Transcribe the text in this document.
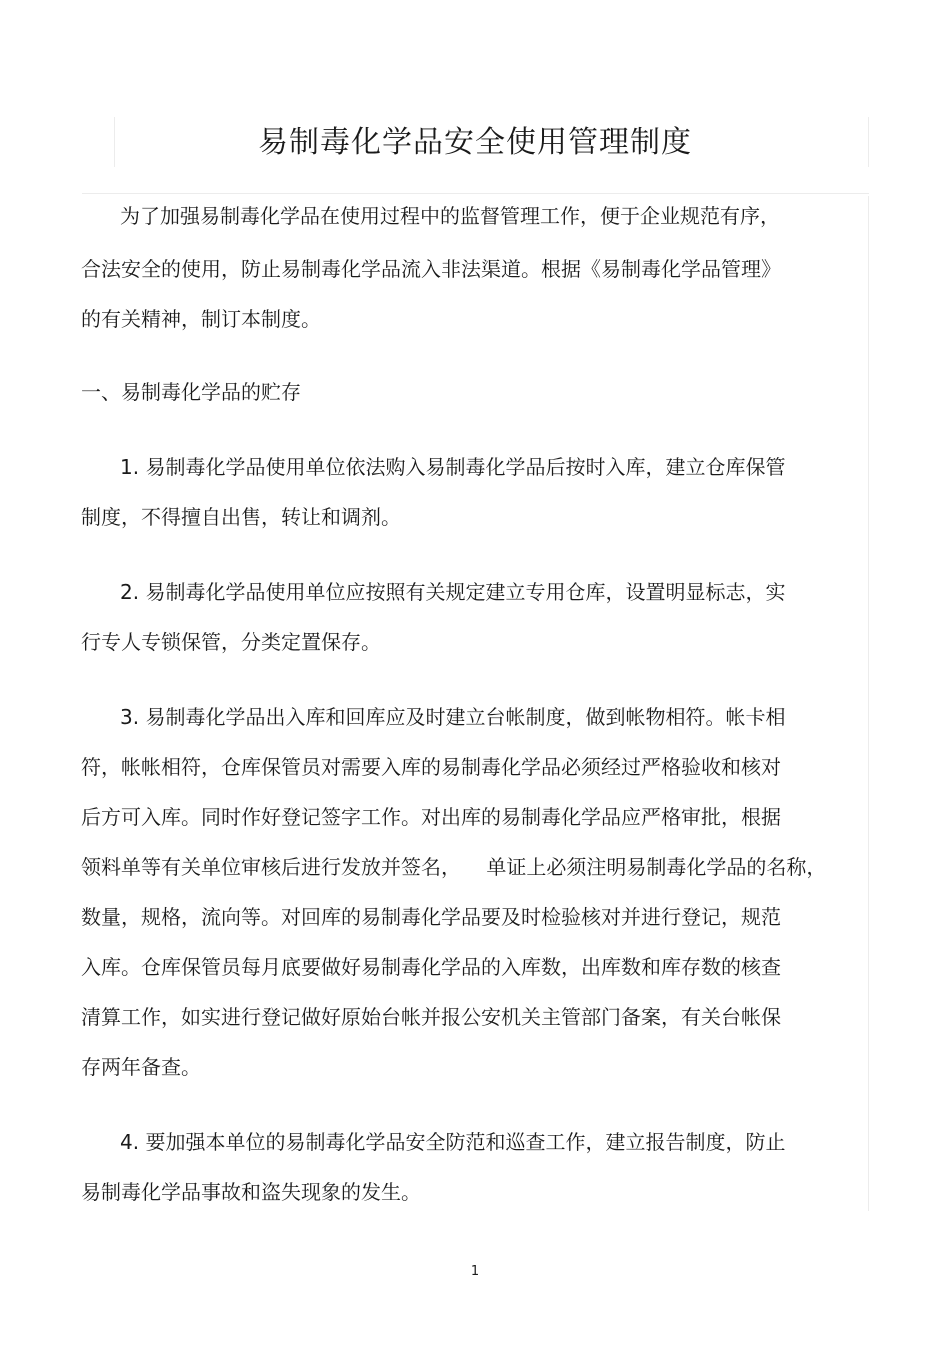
易制毒化学品安全使用管理制度

为了加强易制毒化学品在使用过程中的监督管理工作，便于企业规范有序，

合法安全的使用，防止易制毒化学品流入非法渠道。根据《易制毒化学品管理》

的有关精神，制订本制度。

一、易制毒化学品的贮存

1. 易制毒化学品使用单位依法购入易制毒化学品后按时入库，建立仓库保管

制度，不得擅自出售，转让和调剂。

2. 易制毒化学品使用单位应按照有关规定建立专用仓库，设置明显标志，实

行专人专锁保管，分类定置保存。

3. 易制毒化学品出入库和回库应及时建立台帐制度，做到帐物相符。帐卡相

符，帐帐相符，仓库保管员对需要入库的易制毒化学品必须经过严格验收和核对

后方可入库。同时作好登记签字工作。对出库的易制毒化学品应严格审批，根据

领料单等有关单位审核后进行发放并签名，    单证上必须注明易制毒化学品的名称，

数量，规格，流向等。对回库的易制毒化学品要及时检验核对并进行登记，规范

入库。仓库保管员每月底要做好易制毒化学品的入库数，出库数和库存数的核查

清算工作，如实进行登记做好原始台帐并报公安机关主管部门备案，有关台帐保

存两年备查。

4. 要加强本单位的易制毒化学品安全防范和巡查工作，建立报告制度，防止

易制毒化学品事故和盗失现象的发生。

1
